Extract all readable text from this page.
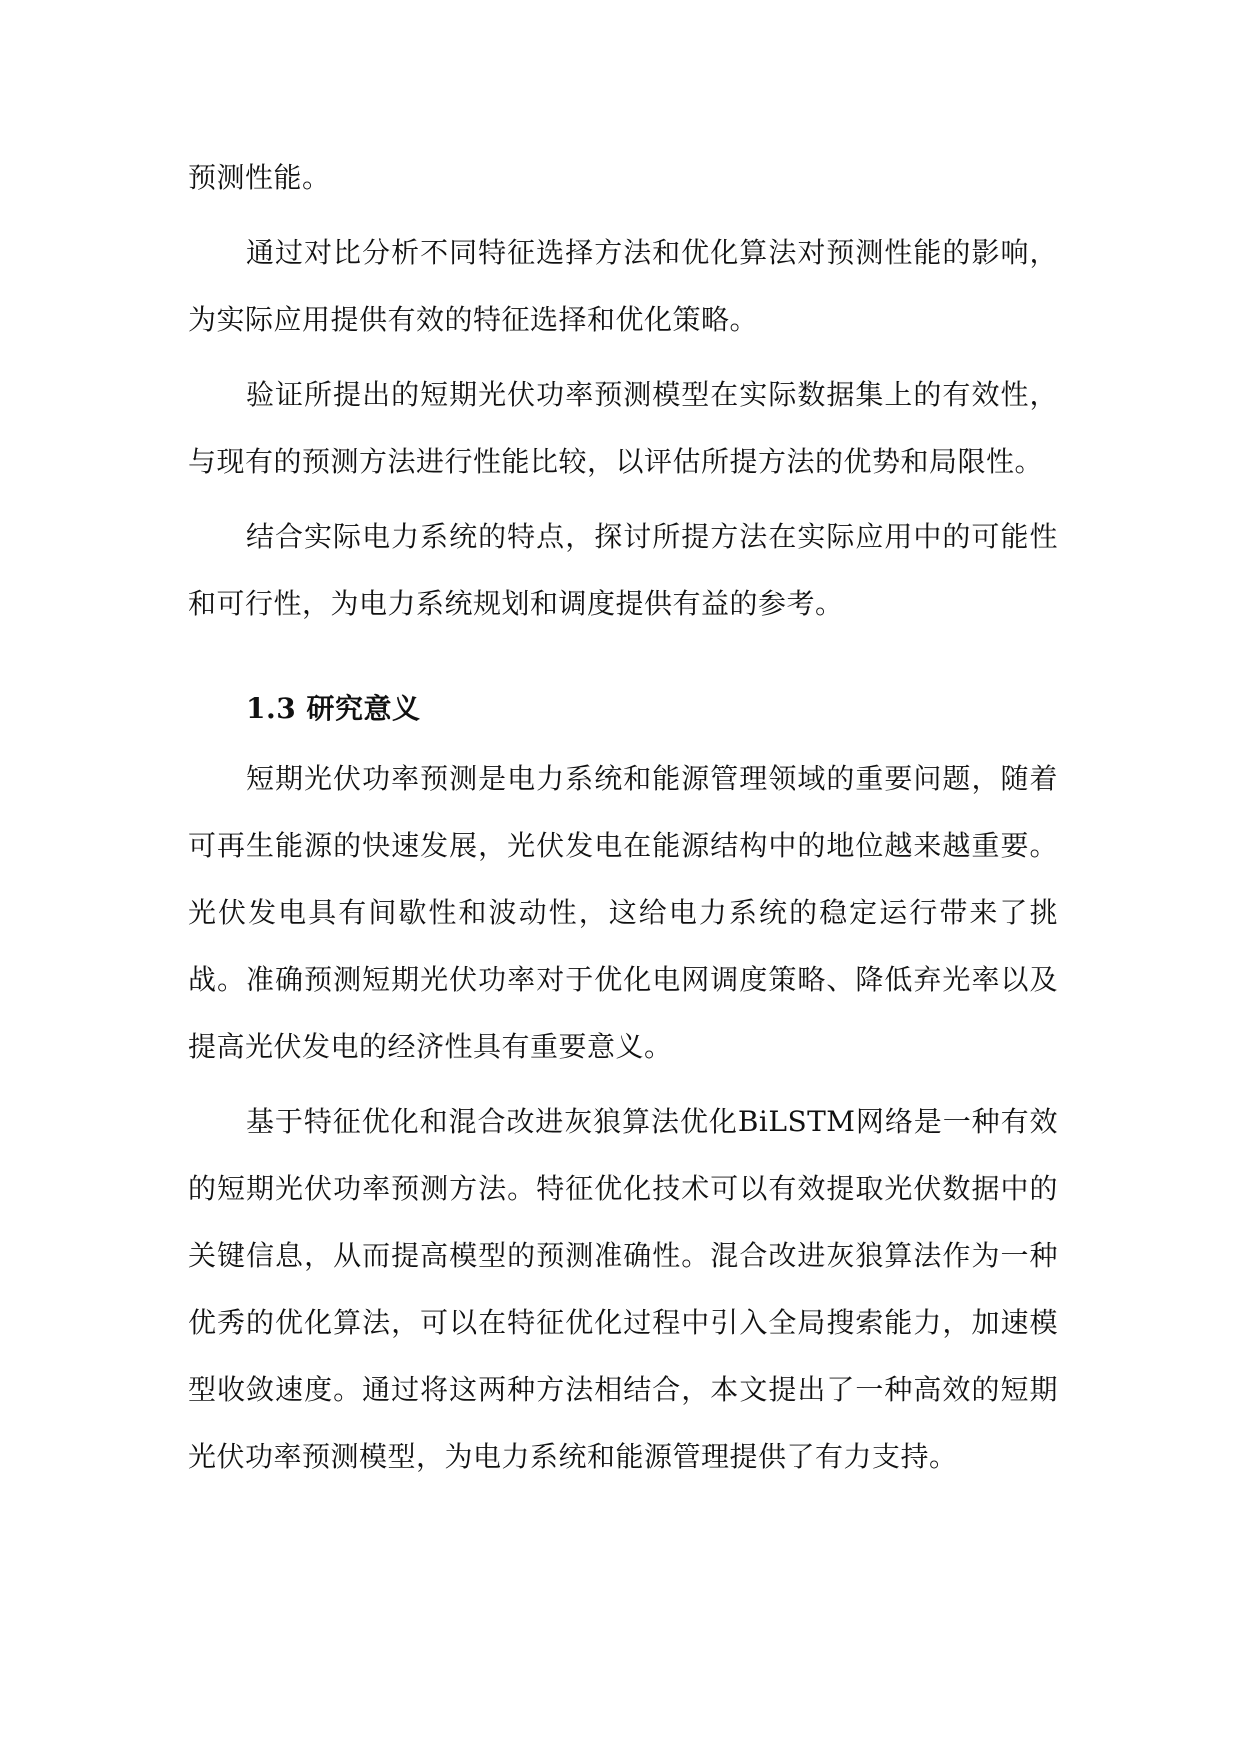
预测性能。

通过对比分析不同特征选择方法和优化算法对预测性能的影响，为实际应用提供有效的特征选择和优化策略。

验证所提出的短期光伏功率预测模型在实际数据集上的有效性，与现有的预测方法进行性能比较，以评估所提方法的优势和局限性。

结合实际电力系统的特点，探讨所提方法在实际应用中的可能性和可行性，为电力系统规划和调度提供有益的参考。

1.3 研究意义

短期光伏功率预测是电力系统和能源管理领域的重要问题，随着可再生能源的快速发展，光伏发电在能源结构中的地位越来越重要。光伏发电具有间歇性和波动性，这给电力系统的稳定运行带来了挑战。准确预测短期光伏功率对于优化电网调度策略、降低弃光率以及提高光伏发电的经济性具有重要意义。

基于特征优化和混合改进灰狼算法优化BiLSTM网络是一种有效的短期光伏功率预测方法。特征优化技术可以有效提取光伏数据中的关键信息，从而提高模型的预测准确性。混合改进灰狼算法作为一种优秀的优化算法，可以在特征优化过程中引入全局搜索能力，加速模型收敛速度。通过将这两种方法相结合，本文提出了一种高效的短期光伏功率预测模型，为电力系统和能源管理提供了有力支持。
